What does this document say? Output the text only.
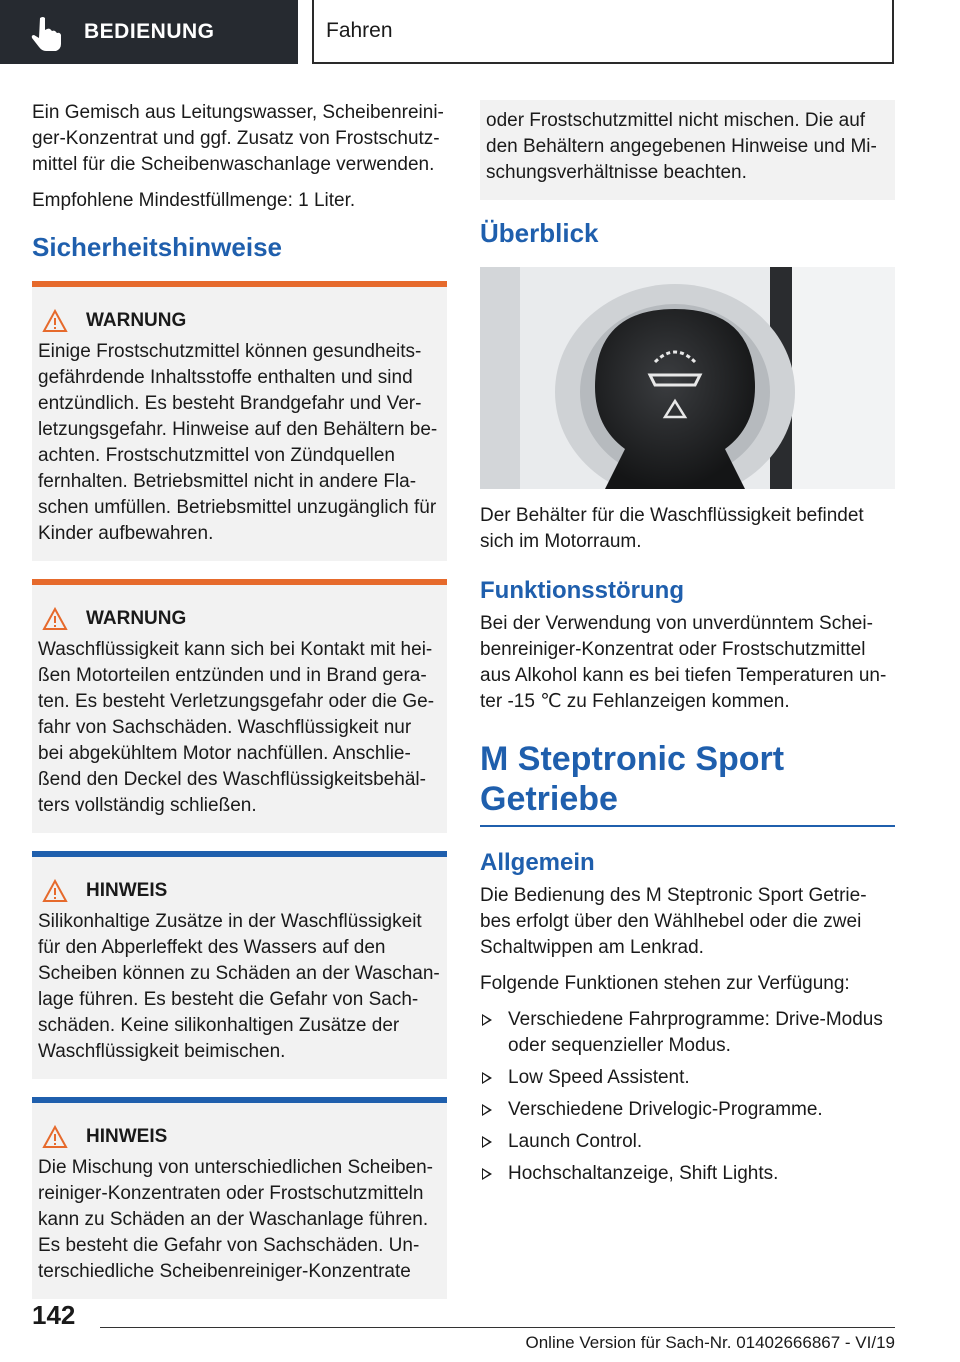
BEDIENUNG	Fahren

Ein Gemisch aus Leitungswasser, Scheibenreini-ger-Konzentrat und ggf. Zusatz von Frostschutz-mittel für die Scheibenwaschanlage verwenden.

Empfohlene Mindestfüllmenge: 1 Liter.

Sicherheitshinweise
WARNUNG

Einige Frostschutzmittel können gesundheits-gefährdende Inhaltsstoffe enthalten und sind entzündlich. Es besteht Brandgefahr und Ver-letzungsgefahr. Hinweise auf den Behältern be-achten. Frostschutzmittel von Zündquellen fernhalten. Betriebsmittel nicht in andere Fla-schen umfüllen. Betriebsmittel unzugänglich für Kinder aufbewahren.

WARNUNG

Waschflüssigkeit kann sich bei Kontakt mit hei-ßen Motorteilen entzünden und in Brand gera-ten. Es besteht Verletzungsgefahr oder die Ge-fahr von Sachschäden. Waschflüssigkeit nur bei abgekühltem Motor nachfüllen. Anschlie-ßend den Deckel des Waschflüssigkeitsbehäl-ters vollständig schließen.

HINWEIS

Silikonhaltige Zusätze in der Waschflüssigkeit für den Abperleffekt des Wassers auf den Scheiben können zu Schäden an der Waschan-lage führen. Es besteht die Gefahr von Sach-schäden. Keine silikonhaltigen Zusätze der Waschflüssigkeit beimischen.

HINWEIS

Die Mischung von unterschiedlichen Scheiben-reiniger-Konzentraten oder Frostschutzmitteln kann zu Schäden an der Waschanlage führen. Es besteht die Gefahr von Sachschäden. Un-terschiedliche Scheibenreiniger-Konzentrate

oder Frostschutzmittel nicht mischen. Die auf den Behältern angegebenen Hinweise und Mi-schungsverhältnisse beachten.

Überblick

Der Behälter für die Waschflüssigkeit befindet sich im Motorraum.

Funktionsstörung

Bei der Verwendung von unverdünntem Schei-benreiniger-Konzentrat oder Frostschutzmittel aus Alkohol kann es bei tiefen Temperaturen un-ter -15 ℃ zu Fehlanzeigen kommen.

M Steptronic Sport Getriebe
Allgemein

Die Bedienung des M Steptronic Sport Getrie-bes erfolgt über den Wählhebel oder die zwei Schaltwippen am Lenkrad.

Folgende Funktionen stehen zur Verfügung:

Verschiedene Fahrprogramme: Drive-Modus oder sequenzieller Modus.
Low Speed Assistent.
Verschiedene Drivelogic-Programme.
Launch Control.
Hochschaltanzeige, Shift Lights.
142
Online Version für Sach-Nr. 01402666867 - VI/19
